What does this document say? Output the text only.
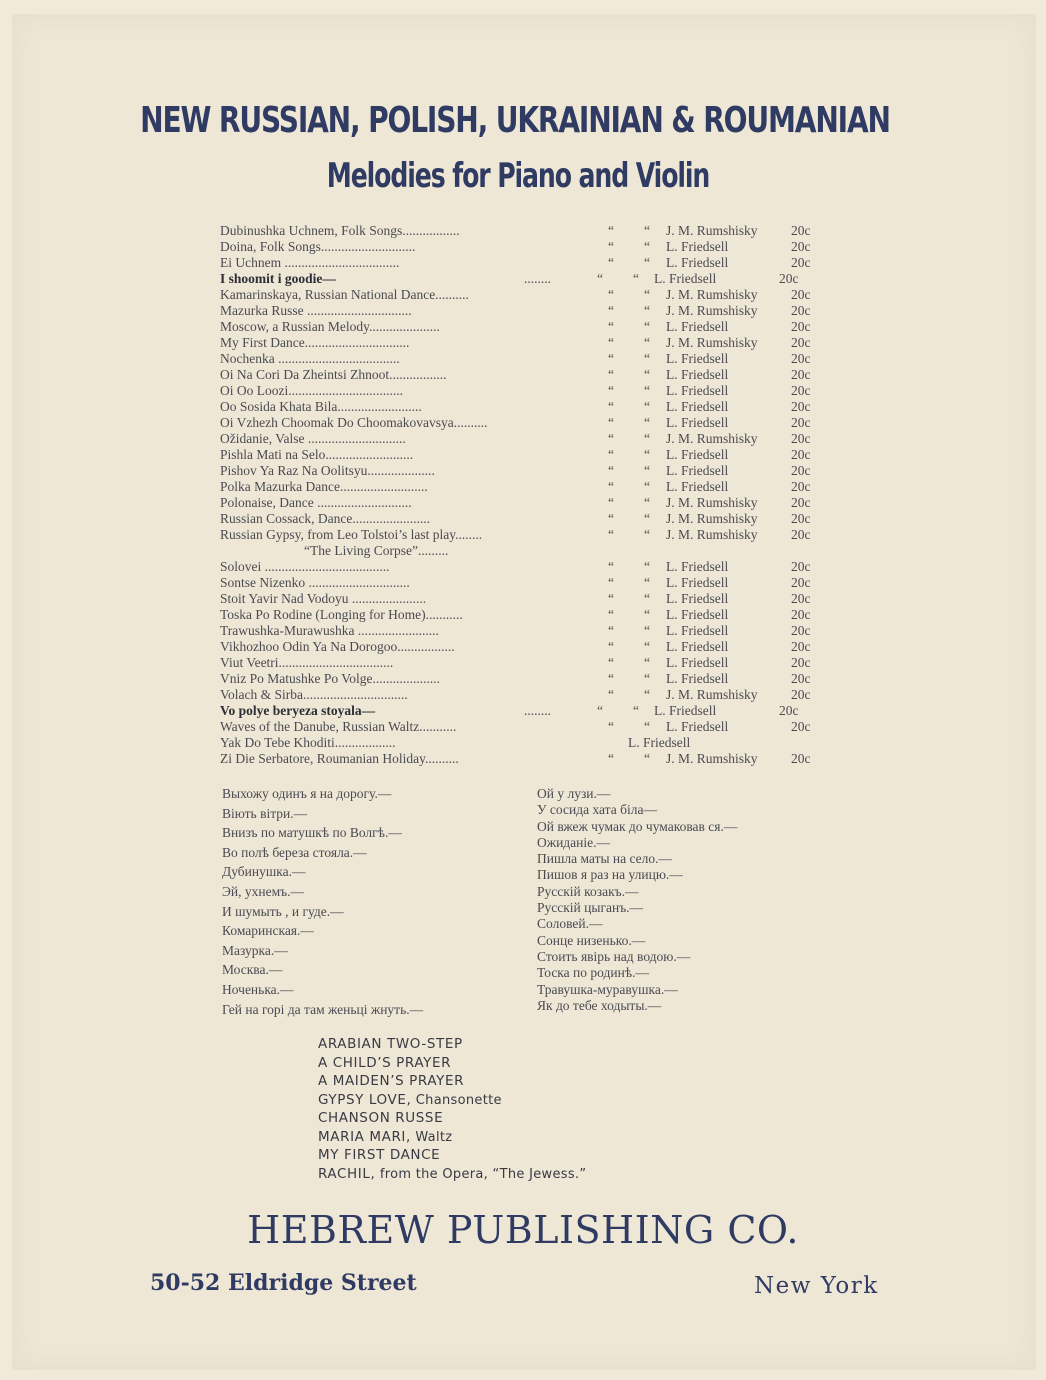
NEW RUSSIAN, POLISH, UKRAINIAN & ROUMANIAN
Melodies for Piano and Violin
Dubinushka Uchnem, Folk Songs.................	“ “ J. M. Rumshisky 20c
Doina, Folk Songs............................	“ “ L. Friedsell	20c
Ei Uchnem ..................................	“ “ L. Friedsell	20c
I shoomit i goodie—	“ “ L. Friedsell	20c
........
Kamarinskaya, Russian National Dance..........	“ “ J. M. Rumshisky 20c
Mazurka Russe ...............................	“ “ J. M. Rumshisky 20c
Moscow, a Russian Melody.....................	“ “ L. Friedsell	20c
My First Dance...............................	“ “ J. M. Rumshisky 20c
Nochenka ....................................	“ “ L. Friedsell	20c
Oi Na Cori Da Zheintsi Zhnoot.................	“ “ L. Friedsell	20c
Oi Oo Loozi..................................	“ “ L. Friedsell	20c
Oo Sosida Khata Bila.........................	“ “ L. Friedsell	20c
Oi Vzhezh Choomak Do Choomakovavsya..........	“ “ L. Friedsell	20c
Ožidanie, Valse .............................	“ “ J. M. Rumshisky 20c
Pishla Mati na Selo..........................	“ “ L. Friedsell	20c
Pishov Ya Raz Na Oolitsyu....................	“ “ L. Friedsell	20c
Polka Mazurka Dance..........................	“ “ L. Friedsell	20c
Polonaise, Dance ............................	“ “ J. M. Rumshisky 20c
Russian Cossack, Dance.......................	“ “ J. M. Rumshisky 20c
Russian Gypsy, from Leo Tolstoi’s last play........	“ “ J. M. Rumshisky 20c
“The Living Corpse”.........
Solovei .....................................	“ “ L. Friedsell	20c
Sontse Nizenko ..............................	“ “ L. Friedsell	20c
Stoit Yavir Nad Vodoyu ......................	“ “ L. Friedsell	20c
Toska Po Rodine (Longing for Home)...........	“ “ L. Friedsell	20c
Trawushka-Murawushka ........................	“ “ L. Friedsell	20c
Vikhozhoo Odin Ya Na Dorogoo.................	“ “ L. Friedsell	20c
Viut Veetri..................................	“ “ L. Friedsell	20c
Vniz Po Matushke Po Volge....................	“ “ L. Friedsell	20c
Volach & Sirba...............................	“ “ J. M. Rumshisky 20c
Vo polye beryeza stoyala—	“ “ L. Friedsell	20c
........
Waves of the Danube, Russian Waltz...........	“ “ L. Friedsell	20c
Yak Do Tebe Khoditi..................	L. Friedsell
Zi Die Serbatore, Roumanian Holiday..........	“ “ J. M. Rumshisky 20c
Выхожу одинъ я на дорогу.—
Віють вітри.—
Внизъ по матушкѣ по Волгѣ.—
Во полѣ береза стояла.—
Дубинушка.—
Эй, ухнемъ.—
И шумыть , и гуде.—
Комаринская.—
Мазурка.—
Москва.—
Ноченька.—
Гей на горі да там женьці жнуть.—
Ой у лузи.—
У сосида хата біла—
Ой вжеж чумак до чумаковав ся.—
Ожиданіе.—
Пишла маты на село.—
Пишов я раз на улицю.—
Русскій козакъ.—
Русскій цыганъ.—
Соловей.—
Сонце низенько.—
Стоить явірь над водою.—
Тоска по родинѣ.—
Травушка-муравушка.—
Як до тебе ходыты.—
ARABIAN TWO-STEP
A CHILD’S PRAYER
A MAIDEN’S PRAYER
GYPSY LOVE, Chansonette
CHANSON RUSSE
MARIA MARI, Waltz
MY FIRST DANCE
RACHIL, from the Opera, “The Jewess.”
HEBREW PUBLISHING CO.
50-52 Eldridge Street	New York
